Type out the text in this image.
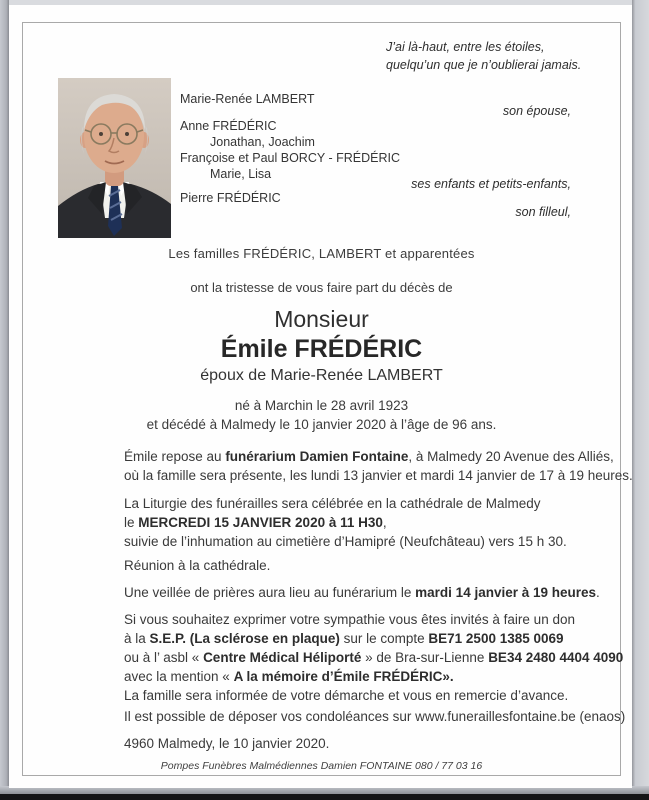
J’ai là-haut, entre les étoiles,
quelqu’un que je n’oublierai jamais.
Marie-Renée LAMBERT
Anne FRÉDÉRIC
Jonathan, Joachim
Françoise et Paul BORCY - FRÉDÉRIC
Marie, Lisa
Pierre FRÉDÉRIC
son épouse,
ses enfants et petits-enfants,
son filleul,
Les familles FRÉDÉRIC, LAMBERT et apparentées
ont la tristesse de vous faire part du décès de
Monsieur
Émile FRÉDÉRIC
époux de Marie-Renée LAMBERT
né à Marchin le 28 avril 1923
et décédé à Malmedy le 10 janvier 2020 à l’âge de 96 ans.
Émile repose au funérarium Damien Fontaine, à Malmedy 20 Avenue des Alliés,
où la famille sera présente, les lundi 13 janvier et mardi 14 janvier de 17 à 19 heures.
La Liturgie des funérailles sera célébrée en la cathédrale de Malmedy
le MERCREDI 15 JANVIER 2020 à 11 H30,
suivie de l’inhumation au cimetière d’Hamipré (Neufchâteau) vers 15 h 30.
Réunion à la cathédrale.
Une veillée de prières aura lieu au funérarium le mardi 14 janvier à 19 heures.
Si vous souhaitez exprimer votre sympathie vous êtes invités à faire un don
à la S.E.P. (La sclérose en plaque) sur le compte BE71 2500 1385 0069
ou à l’ asbl « Centre Médical Héliporté » de Bra-sur-Lienne BE34 2480 4404 4090
avec la mention « A la mémoire d’Émile FRÉDÉRIC».
La famille sera informée de votre démarche et vous en remercie d’avance.
Il est possible de déposer vos condoléances sur www.funeraillesfontaine.be (enaos)
4960 Malmedy, le 10 janvier 2020.
Pompes Funèbres Malmédiennes Damien FONTAINE 080 / 77 03 16
